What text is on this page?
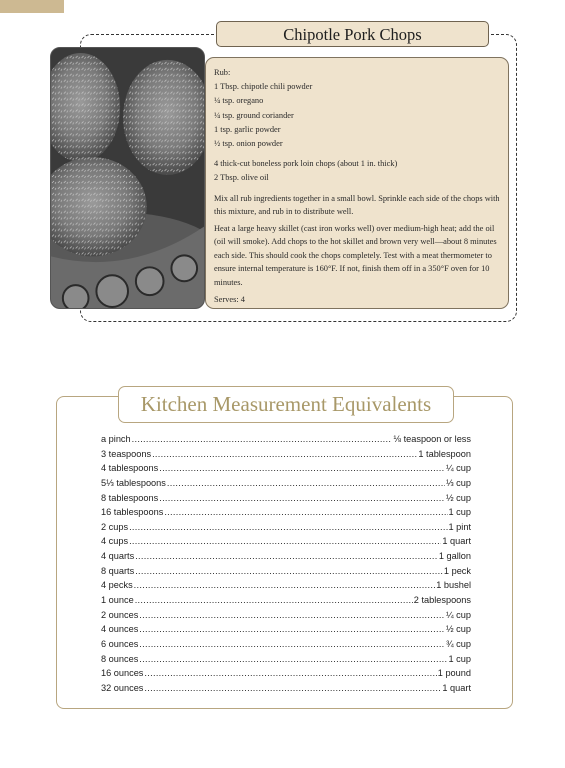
Chipotle Pork Chops

Rub:

1 Tbsp. chipotle chili powder

¼ tsp. oregano

¼ tsp. ground coriander

1 tsp. garlic powder

½ tsp. onion powder

4 thick-cut boneless pork loin chops (about 1 in. thick)

2 Tbsp. olive oil

Mix all rub ingredients together in a small bowl. Sprinkle each side of the chops with this mixture, and rub in to distribute well.

Heat a large heavy skillet (cast iron works well) over medium-high heat; add the oil (oil will smoke). Add chops to the hot skillet and brown very well—about 8 minutes each side. This should cook the chops completely. Test with a meat thermometer to ensure internal temperature is 160°F. If not, finish them off in a 350°F oven for 10 minutes.

Serves: 4

Kitchen Measurement Equivalents
a pinch .....	⅛ teaspoon or less
3 teaspoons .....	1 tablespoon
4 tablespoons .....	¼ cup
5⅓ tablespoons .....	⅓ cup
8 tablespoons .....	½ cup
16 tablespoons .....	1 cup
2 cups .....	1 pint
4 cups .....	1 quart
4 quarts .....	1 gallon
8 quarts .....	1 peck
4 pecks .....	1 bushel
1 ounce .....	2 tablespoons
2 ounces .....	¼ cup
4 ounces .....	½ cup
6 ounces .....	¾ cup
8 ounces .....	1 cup
16 ounces .....	1 pound
32 ounces .....	1 quart
